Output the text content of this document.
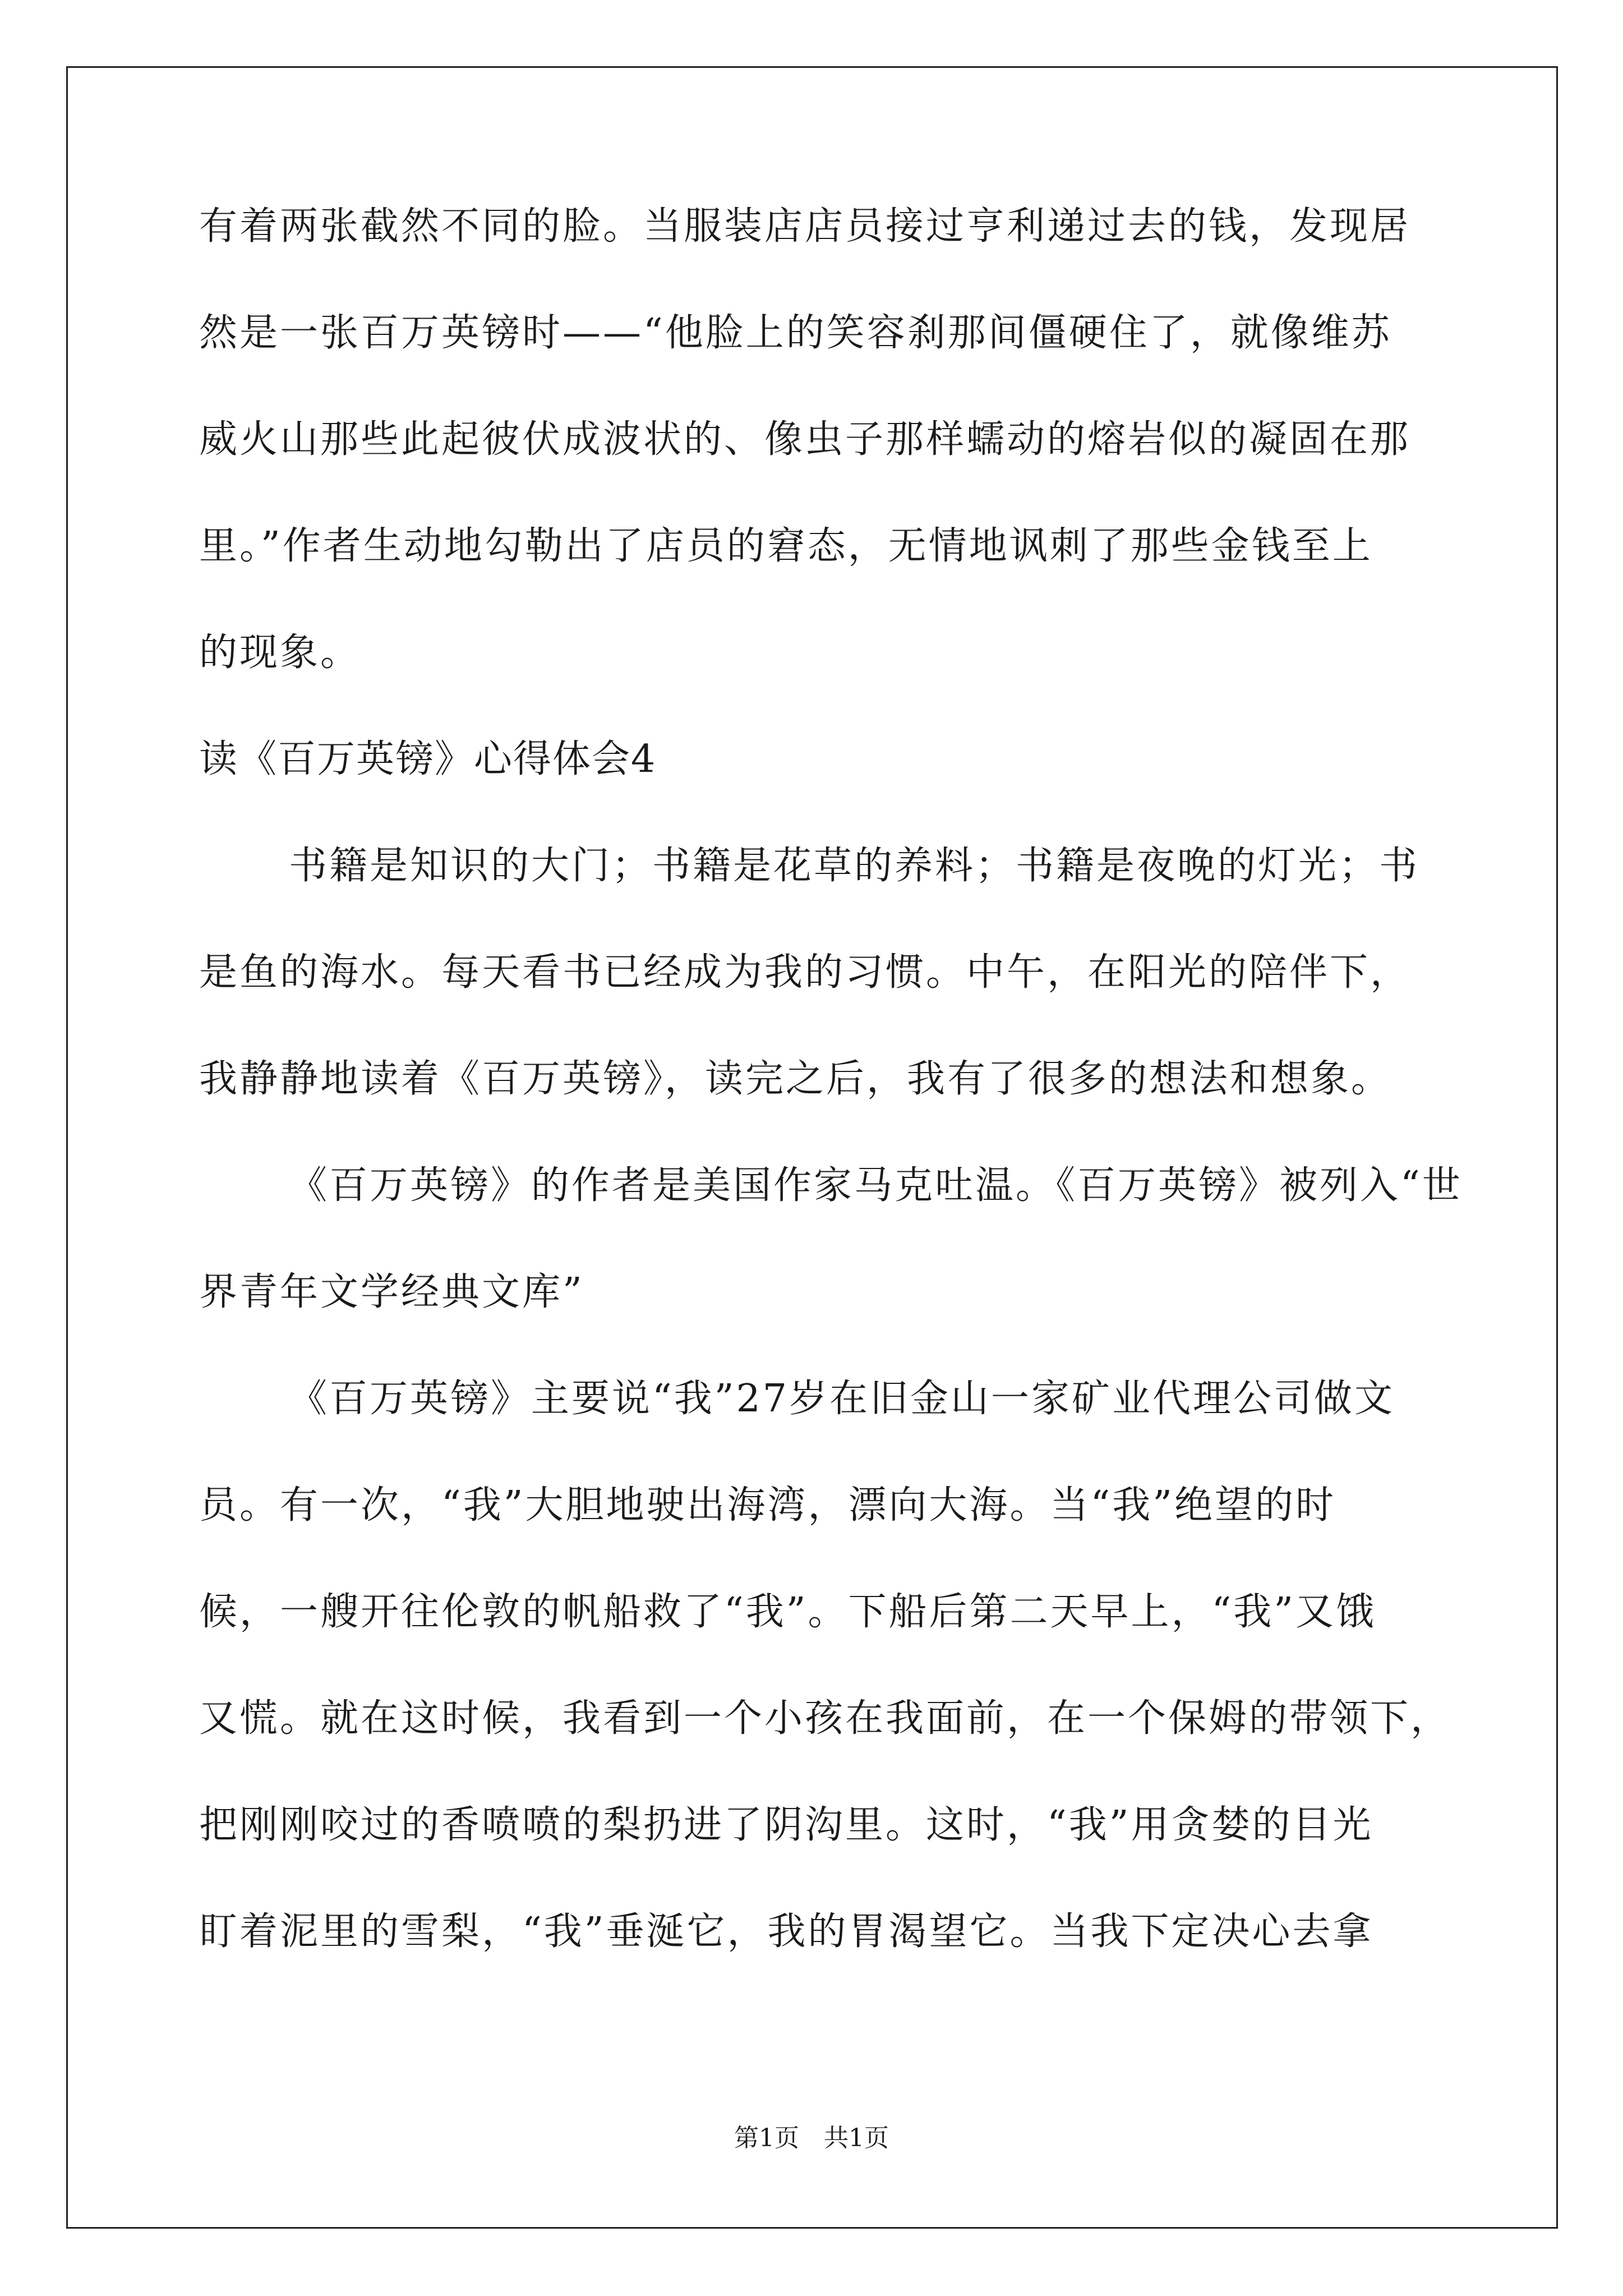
有着两张截然不同的脸。当服装店店员接过亨利递过去的钱，发现居

然是一张百万英镑时——“他脸上的笑容刹那间僵硬住了，就像维苏

威火山那些此起彼伏成波状的、像虫子那样蠕动的熔岩似的凝固在那

里。”作者生动地勾勒出了店员的窘态，无情地讽刺了那些金钱至上

的现象。

读《百万英镑》心得体会4

书籍是知识的大门；书籍是花草的养料；书籍是夜晚的灯光；书

是鱼的海水。每天看书已经成为我的习惯。中午，在阳光的陪伴下，

我静静地读着《百万英镑》，读完之后，我有了很多的想法和想象。

《百万英镑》的作者是美国作家马克吐温。《百万英镑》被列入“世

界青年文学经典文库”

《百万英镑》主要说“我”27岁在旧金山一家矿业代理公司做文

员。有一次，“我”大胆地驶出海湾，漂向大海。当“我”绝望的时

候，一艘开往伦敦的帆船救了“我”。下船后第二天早上，“我”又饿

又慌。就在这时候，我看到一个小孩在我面前，在一个保姆的带领下，

把刚刚咬过的香喷喷的梨扔进了阴沟里。这时，“我”用贪婪的目光

盯着泥里的雪梨，“我”垂涎它，我的胃渴望它。当我下定决心去拿

第1页　共1页
